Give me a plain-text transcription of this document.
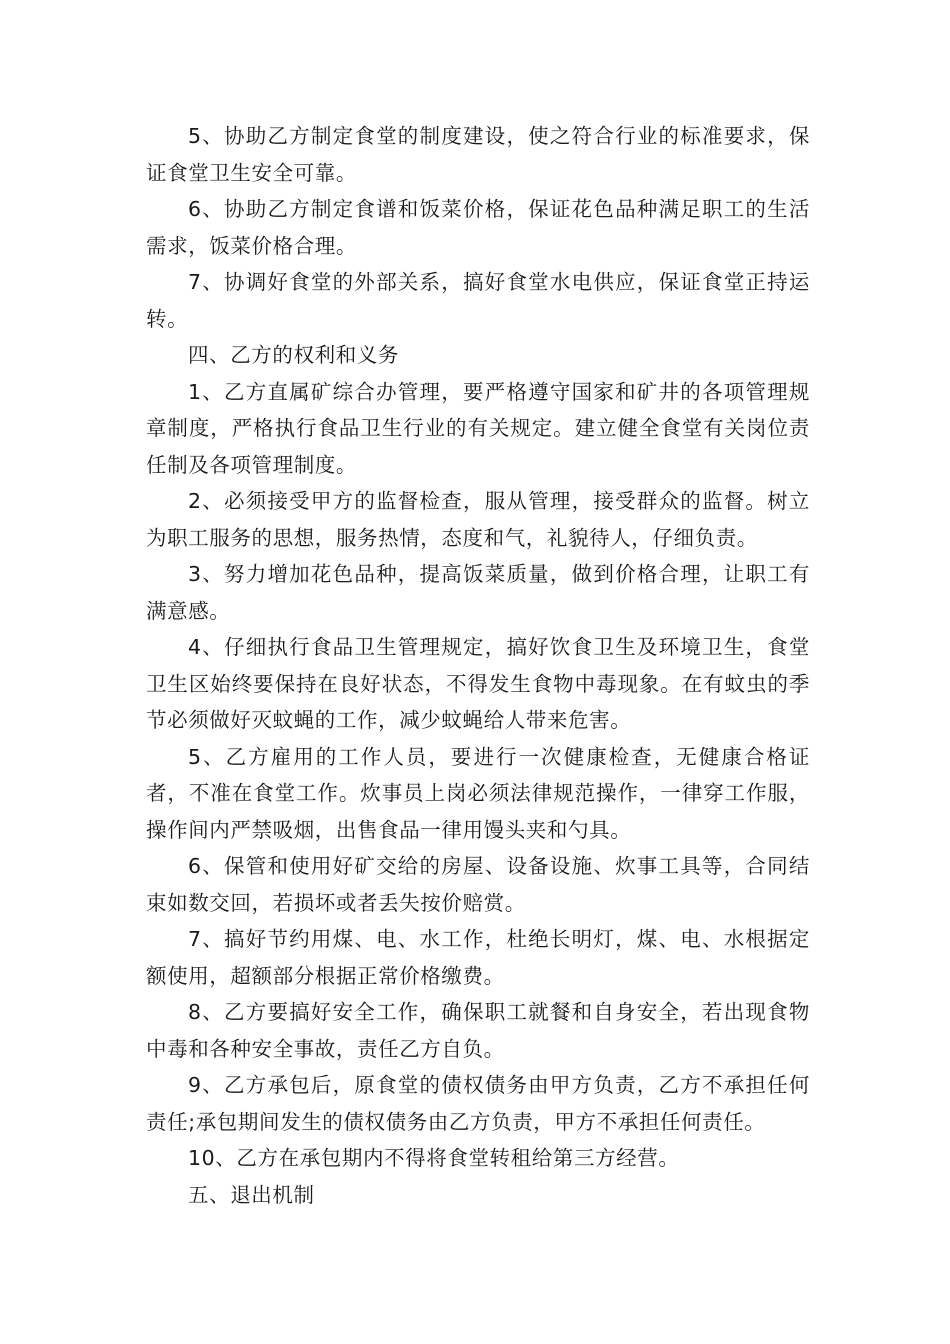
5、协助乙方制定食堂的制度建设，使之符合行业的标准要求，保证食堂卫生安全可靠。

6、协助乙方制定食谱和饭菜价格，保证花色品种满足职工的生活需求，饭菜价格合理。

7、协调好食堂的外部关系，搞好食堂水电供应，保证食堂正持运转。

四、乙方的权利和义务

1、乙方直属矿综合办管理，要严格遵守国家和矿井的各项管理规章制度，严格执行食品卫生行业的有关规定。建立健全食堂有关岗位责任制及各项管理制度。

2、必须接受甲方的监督检查，服从管理，接受群众的监督。树立为职工服务的思想，服务热情，态度和气，礼貌待人，仔细负责。

3、努力增加花色品种，提高饭菜质量，做到价格合理，让职工有满意感。

4、仔细执行食品卫生管理规定，搞好饮食卫生及环境卫生，食堂卫生区始终要保持在良好状态，不得发生食物中毒现象。在有蚊虫的季节必须做好灭蚊蝇的工作，减少蚊蝇给人带来危害。

5、乙方雇用的工作人员，要进行一次健康检查，无健康合格证者，不准在食堂工作。炊事员上岗必须法律规范操作，一律穿工作服，操作间内严禁吸烟，出售食品一律用馒头夹和勺具。

6、保管和使用好矿交给的房屋、设备设施、炊事工具等，合同结束如数交回，若损坏或者丢失按价赔赏。

7、搞好节约用煤、电、水工作，杜绝长明灯，煤、电、水根据定额使用，超额部分根据正常价格缴费。

8、乙方要搞好安全工作，确保职工就餐和自身安全，若出现食物中毒和各种安全事故，责任乙方自负。

9、乙方承包后，原食堂的债权债务由甲方负责，乙方不承担任何责任;承包期间发生的债权债务由乙方负责，甲方不承担任何责任。

10、乙方在承包期内不得将食堂转租给第三方经营。

五、退出机制
